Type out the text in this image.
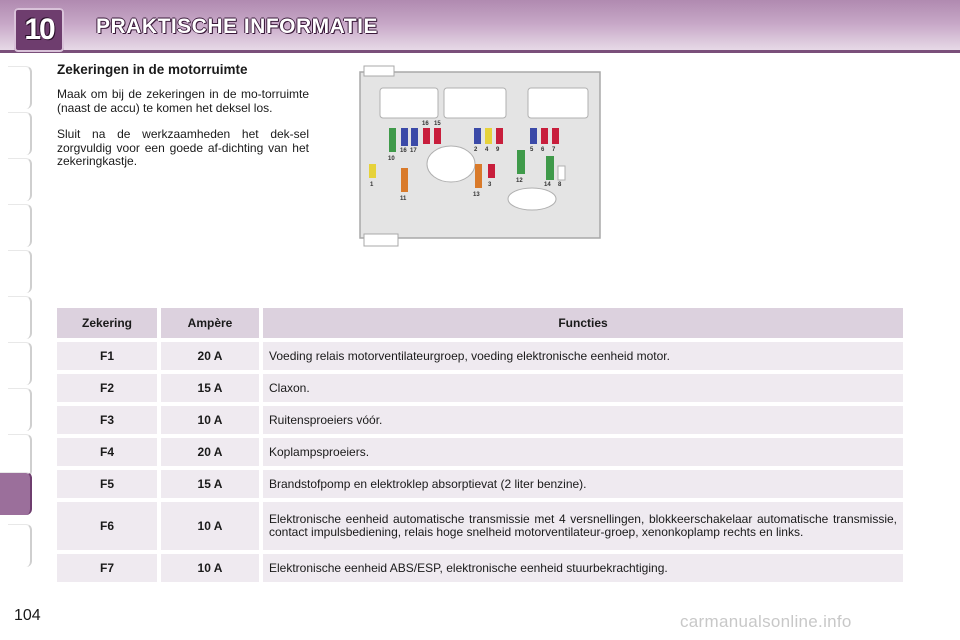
10 PRAKTISCHE INFORMATIE
Zekeringen in de motorruimte
Maak om bij de zekeringen in de mo-torruimte (naast de accu) te komen het deksel los.
Sluit na de werkzaamheden het dek-sel zorgvuldig voor een goede af-dichting van het zekeringkastje.
1
10
16 17
16 15
11
2 4 9
13
3
12
5 6 7
14 8
Zekering	Ampère	Functies
F1	20 A	Voeding relais motorventilateurgroep, voeding elektronische eenheid motor.
F2	15 A	Claxon.
F3	10 A	Ruitensproeiers vóór.
F4	20 A	Koplampsproeiers.
F5	15 A	Brandstofpomp en elektroklep absorptievat (2 liter benzine).
F6	10 A	Elektronische eenheid automatische transmissie met 4 versnellingen, blokkeerschakelaar automatische transmissie, contact impulsbediening, relais hoge snelheid motorventilateur-groep, xenonkoplamp rechts en links.
F7	10 A	Elektronische eenheid ABS/ESP, elektronische eenheid stuurbekrachtiging.
104	carmanualsonline.info
